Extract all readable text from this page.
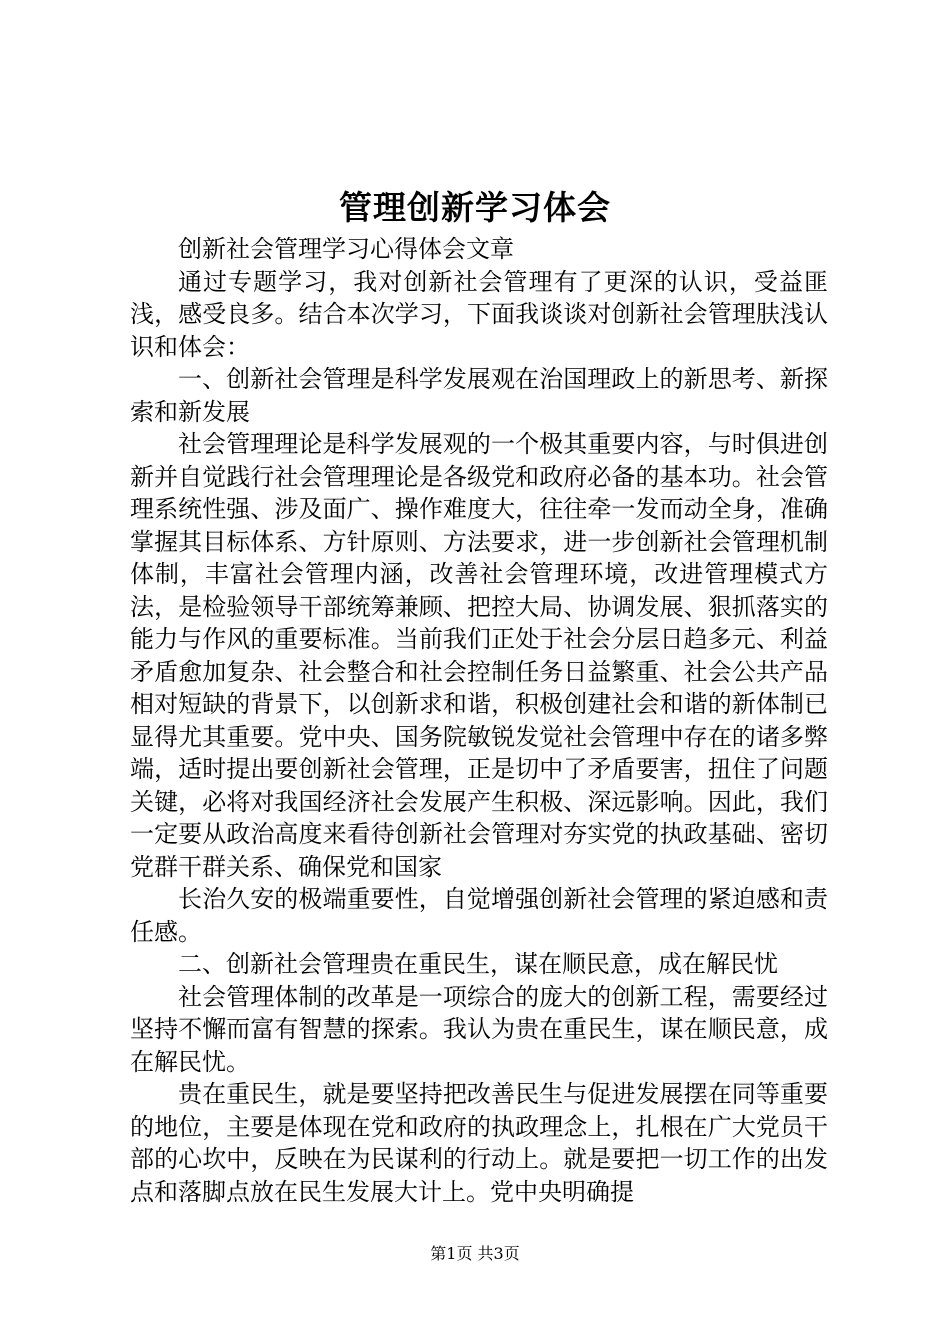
管理创新学习体会

创新社会管理学习心得体会文章

通过专题学习，我对创新社会管理有了更深的认识，受益匪浅，感受良多。结合本次学习，下面我谈谈对创新社会管理肤浅认识和体会：

一、创新社会管理是科学发展观在治国理政上的新思考、新探索和新发展

社会管理理论是科学发展观的一个极其重要内容，与时俱进创新并自觉践行社会管理理论是各级党和政府必备的基本功。社会管理系统性强、涉及面广、操作难度大，往往牵一发而动全身，准确掌握其目标体系、方针原则、方法要求，进一步创新社会管理机制体制，丰富社会管理内涵，改善社会管理环境，改进管理模式方法，是检验领导干部统筹兼顾、把控大局、协调发展、狠抓落实的能力与作风的重要标准。当前我们正处于社会分层日趋多元、利益矛盾愈加复杂、社会整合和社会控制任务日益繁重、社会公共产品相对短缺的背景下，以创新求和谐，积极创建社会和谐的新体制已显得尤其重要。党中央、国务院敏锐发觉社会管理中存在的诸多弊端，适时提出要创新社会管理，正是切中了矛盾要害，扭住了问题关键，必将对我国经济社会发展产生积极、深远影响。因此，我们一定要从政治高度来看待创新社会管理对夯实党的执政基础、密切党群干群关系、确保党和国家

长治久安的极端重要性，自觉增强创新社会管理的紧迫感和责任感。

二、创新社会管理贵在重民生，谋在顺民意，成在解民忧

社会管理体制的改革是一项综合的庞大的创新工程，需要经过坚持不懈而富有智慧的探索。我认为贵在重民生，谋在顺民意，成在解民忧。

贵在重民生，就是要坚持把改善民生与促进发展摆在同等重要的地位，主要是体现在党和政府的执政理念上，扎根在广大党员干部的心坎中，反映在为民谋利的行动上。就是要把一切工作的出发点和落脚点放在民生发展大计上。党中央明确提

第1页 共3页
